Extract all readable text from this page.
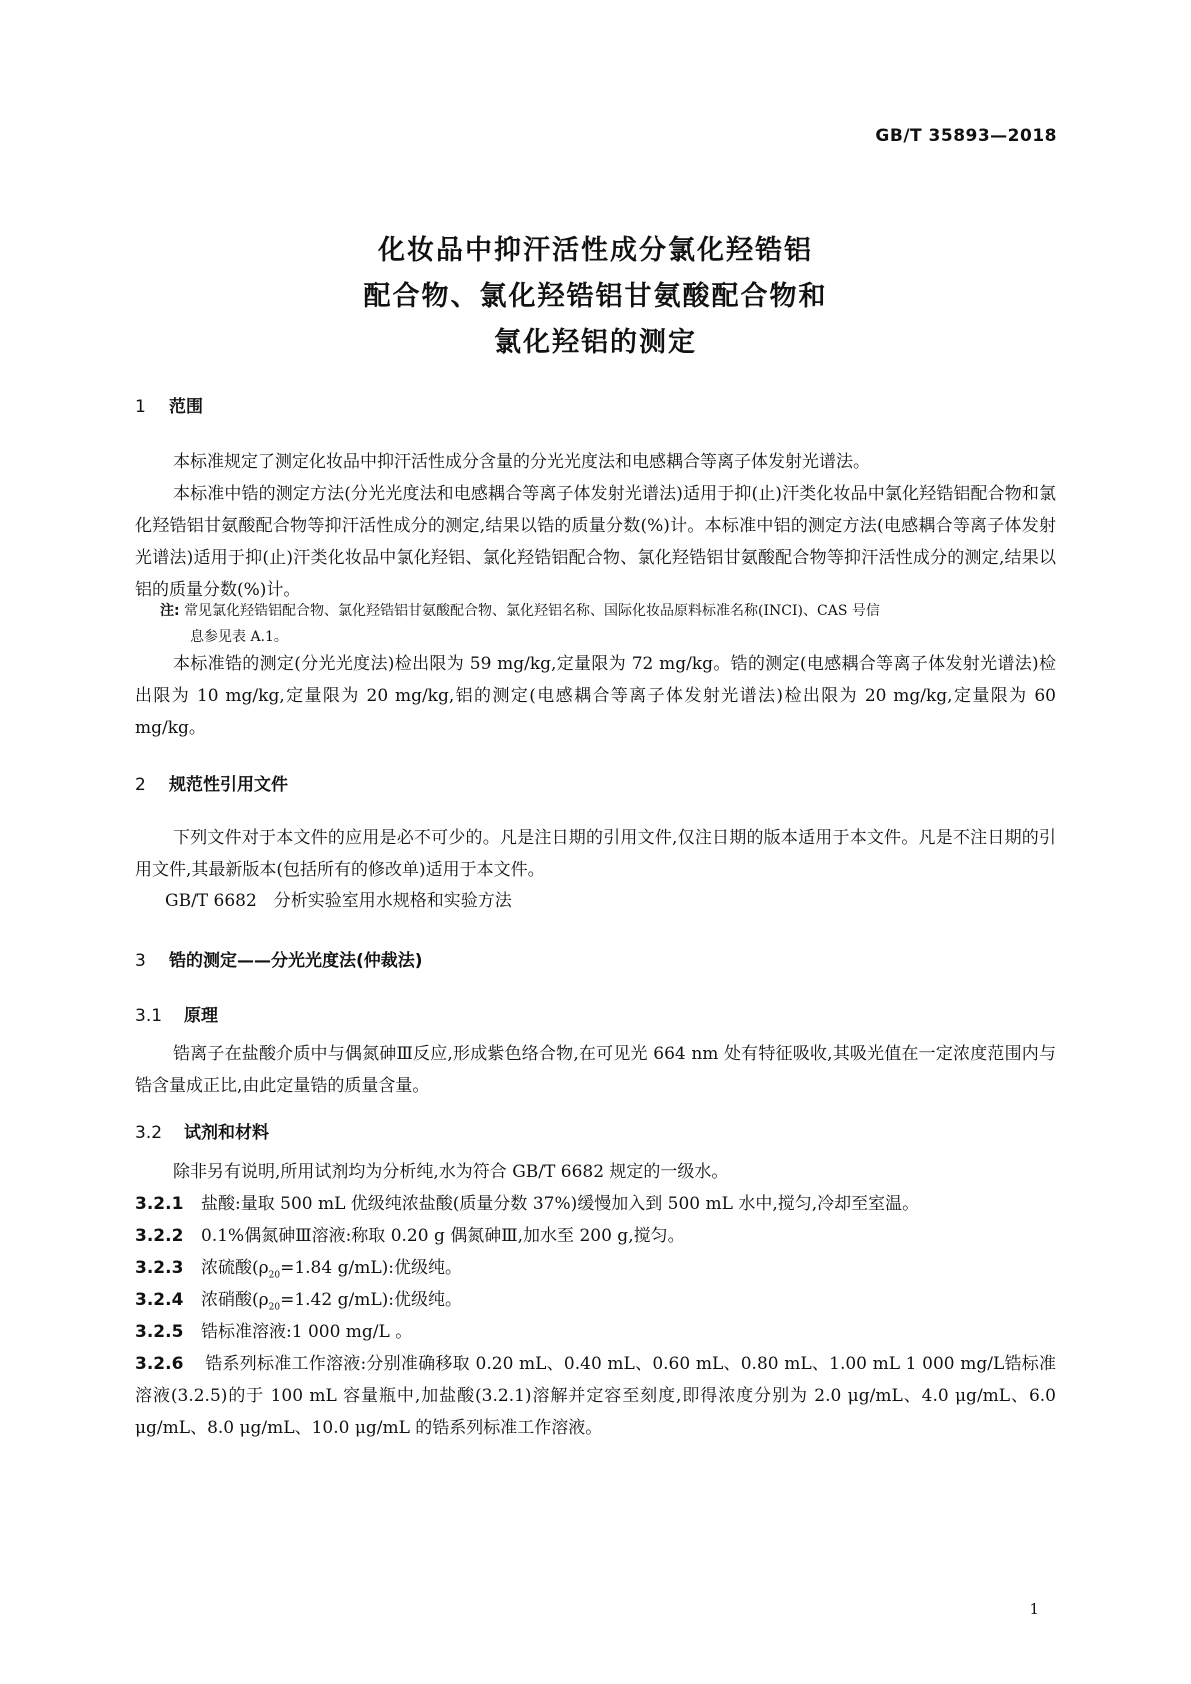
GB/T 35893—2018
化妆品中抑汗活性成分氯化羟锆铝
配合物、氯化羟锆铝甘氨酸配合物和
氯化羟铝的测定
1 范围
本标准规定了测定化妆品中抑汗活性成分含量的分光光度法和电感耦合等离子体发射光谱法。
本标准中锆的测定方法(分光光度法和电感耦合等离子体发射光谱法)适用于抑(止)汗类化妆品中氯化羟锆铝配合物和氯化羟锆铝甘氨酸配合物等抑汗活性成分的测定,结果以锆的质量分数(%)计。本标准中铝的测定方法(电感耦合等离子体发射光谱法)适用于抑(止)汗类化妆品中氯化羟铝、氯化羟锆铝配合物、氯化羟锆铝甘氨酸配合物等抑汗活性成分的测定,结果以铝的质量分数(%)计。
注: 常见氯化羟锆铝配合物、氯化羟锆铝甘氨酸配合物、氯化羟铝名称、国际化妆品原料标准名称(INCI)、CAS 号信
息参见表 A.1。
本标准锆的测定(分光光度法)检出限为 59 mg/kg,定量限为 72 mg/kg。锆的测定(电感耦合等离子体发射光谱法)检出限为 10 mg/kg,定量限为 20 mg/kg,铝的测定(电感耦合等离子体发射光谱法)检出限为 20 mg/kg,定量限为 60 mg/kg。
2 规范性引用文件
下列文件对于本文件的应用是必不可少的。凡是注日期的引用文件,仅注日期的版本适用于本文件。凡是不注日期的引用文件,其最新版本(包括所有的修改单)适用于本文件。
GB/T 6682　分析实验室用水规格和实验方法
3 锆的测定——分光光度法(仲裁法)
3.1 原理
锆离子在盐酸介质中与偶氮砷Ⅲ反应,形成紫色络合物,在可见光 664 nm 处有特征吸收,其吸光值在一定浓度范围内与锆含量成正比,由此定量锆的质量含量。
3.2 试剂和材料
除非另有说明,所用试剂均为分析纯,水为符合 GB/T 6682 规定的一级水。
3.2.1 盐酸:量取 500 mL 优级纯浓盐酸(质量分数 37%)缓慢加入到 500 mL 水中,搅匀,冷却至室温。
3.2.2 0.1%偶氮砷Ⅲ溶液:称取 0.20 g 偶氮砷Ⅲ,加水至 200 g,搅匀。
3.2.3 浓硫酸($\rho_{20}=1.84$ g/mL):优级纯。
3.2.4 浓硝酸($\rho_{20}=1.42$ g/mL):优级纯。
3.2.5 锆标准溶液:1 000 mg/L 。
3.2.6 锆系列标准工作溶液:分别准确移取 0.20 mL、0.40 mL、0.60 mL、0.80 mL、1.00 mL 1 000 mg/L锆标准溶液(3.2.5)的于 100 mL 容量瓶中,加盐酸(3.2.1)溶解并定容至刻度,即得浓度分别为 2.0 μg/mL、4.0 μg/mL、6.0 μg/mL、8.0 μg/mL、10.0 μg/mL 的锆系列标准工作溶液。
1
